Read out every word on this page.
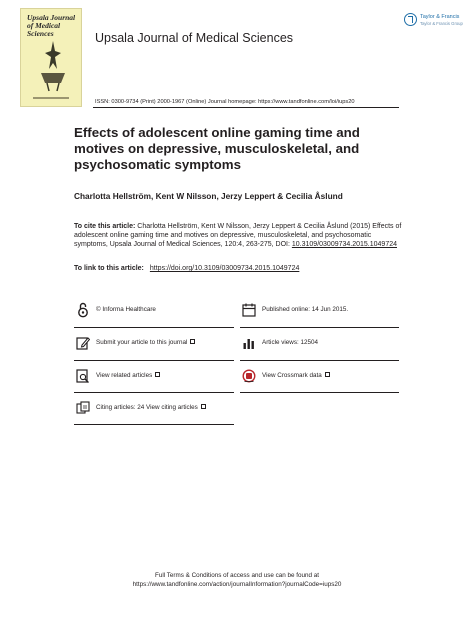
Upsala Journal of Medical Sciences	Upsala Journal of Medical Sciences
Taylor & Francis
Taylor & Francis Group
ISSN: 0300-9734 (Print) 2000-1967 (Online) Journal homepage: https://www.tandfonline.com/loi/iups20
Effects of adolescent online gaming time and motives on depressive, musculoskeletal, and psychosomatic symptoms
Charlotta Hellström, Kent W Nilsson, Jerzy Leppert & Cecilia Åslund
To cite this article: Charlotta Hellström, Kent W Nilsson, Jerzy Leppert & Cecilia Åslund (2015) Effects of adolescent online gaming time and motives on depressive, musculoskeletal, and psychosomatic symptoms, Upsala Journal of Medical Sciences, 120:4, 263-275, DOI: 10.3109/03009734.2015.1049724
To link to this article: https://doi.org/10.3109/03009734.2015.1049724
© Informa Healthcare
Submit your article to this journal
View related articles
Citing articles: 24 View citing articles
Published online: 14 Jun 2015.
Article views: 12504
View Crossmark data
Full Terms & Conditions of access and use can be found at
https://www.tandfonline.com/action/journalInformation?journalCode=iups20
